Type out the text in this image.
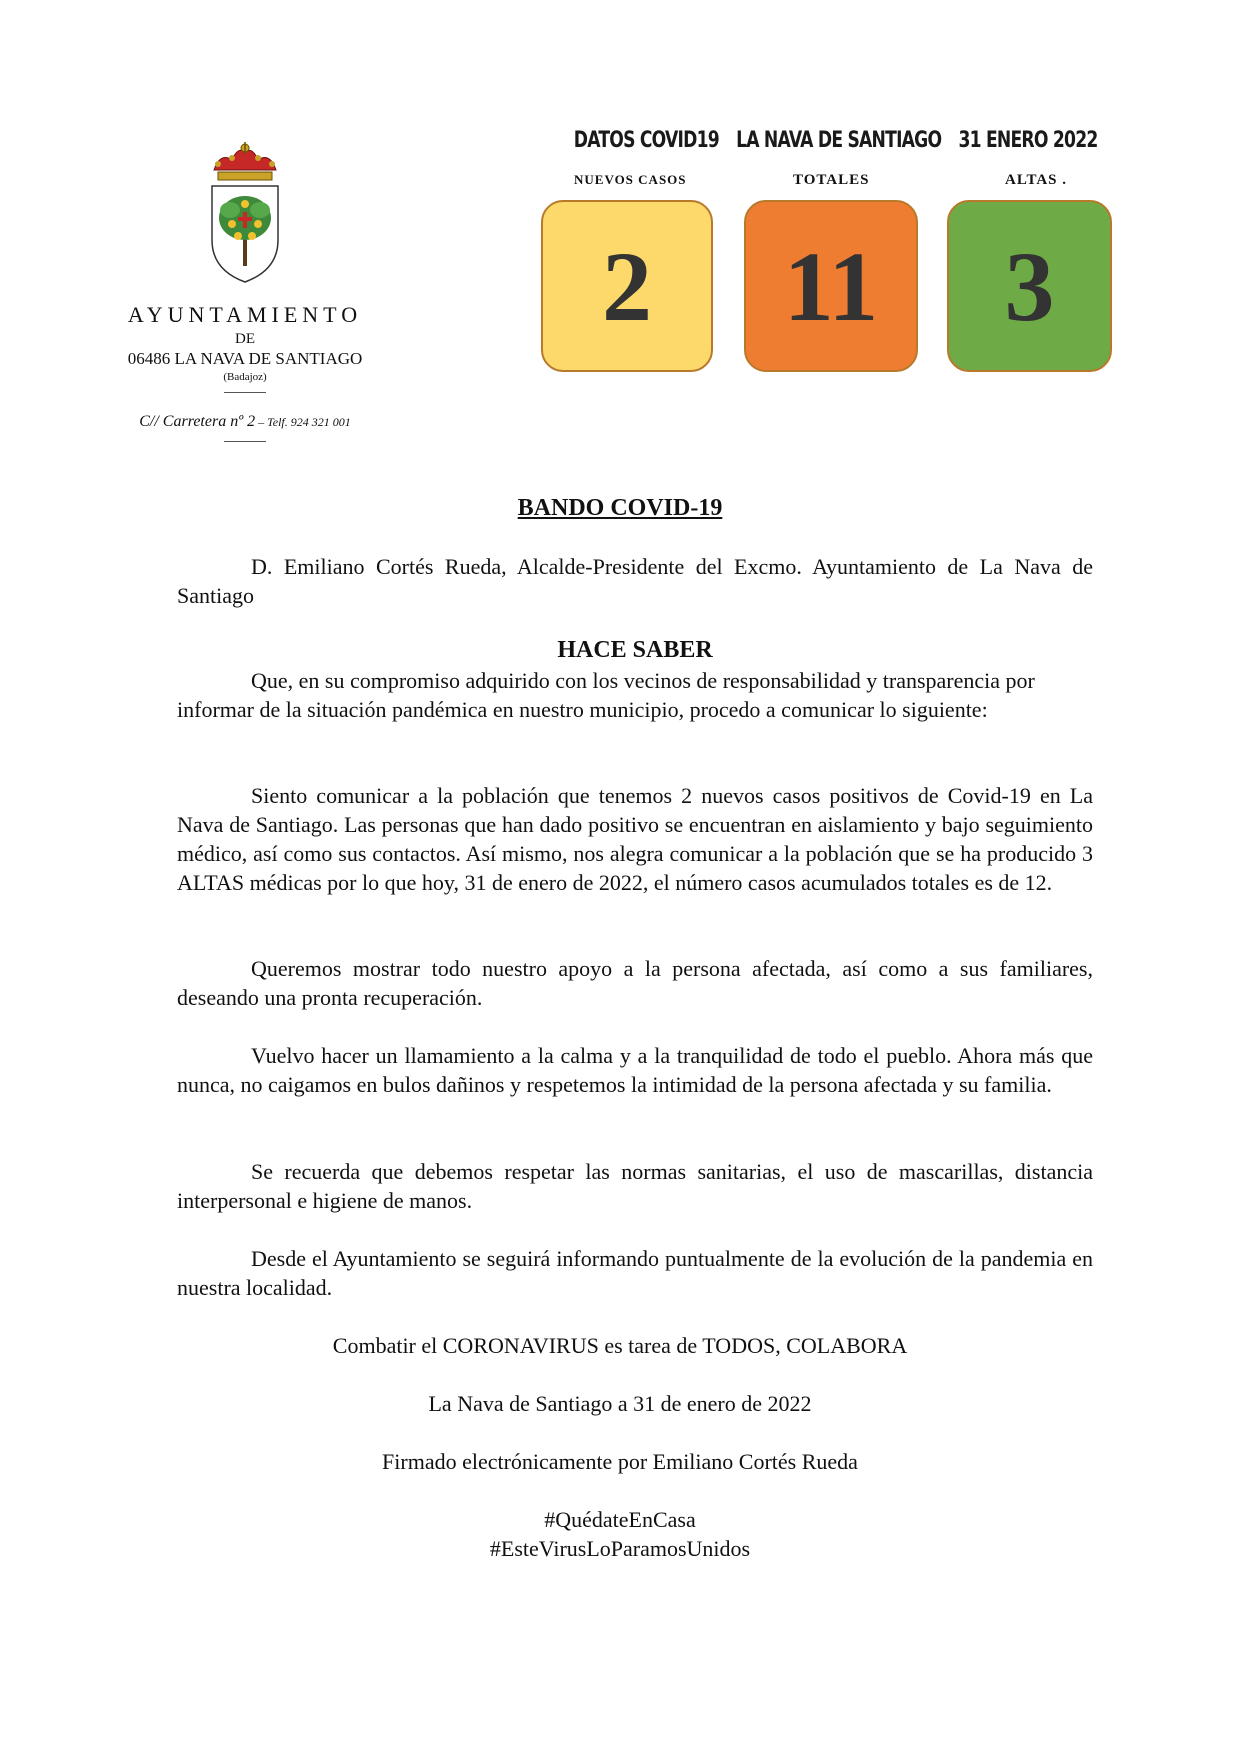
AYUNTAMIENTO
DE
06486 LA NAVA DE SANTIAGO
(Badajoz)
C// Carretera nº 2 – Telf. 924 321 001
DATOS COVID19 LA NAVA DE SANTIAGO 31 ENERO 2022
NUEVOS CASOS	TOTALES	ALTAS .
2	11	3
BANDO COVID-19
D. Emiliano Cortés Rueda, Alcalde-Presidente del Excmo. Ayuntamiento de La Nava de Santiago
HACE SABER
Que, en su compromiso adquirido con los vecinos de responsabilidad y transparencia por informar de la situación pandémica en nuestro municipio, procedo a comunicar lo siguiente:
Siento comunicar a la población que tenemos 2 nuevos casos positivos de Covid-19 en La Nava de Santiago. Las personas que han dado positivo se encuentran en aislamiento y bajo seguimiento médico, así como sus contactos. Así mismo, nos alegra comunicar a la población que se ha producido 3 ALTAS médicas por lo que hoy, 31 de enero de 2022, el número casos acumulados totales es de 12.
Queremos mostrar todo nuestro apoyo a la persona afectada, así como a sus familiares, deseando una pronta recuperación.
Vuelvo hacer un llamamiento a la calma y a la tranquilidad de todo el pueblo. Ahora más que nunca, no caigamos en bulos dañinos y respetemos la intimidad de la persona afectada y su familia.
Se recuerda que debemos respetar las normas sanitarias, el uso de mascarillas, distancia interpersonal e higiene de manos.
Desde el Ayuntamiento se seguirá informando puntualmente de la evolución de la pandemia en nuestra localidad.
Combatir el CORONAVIRUS es tarea de TODOS, COLABORA
La Nava de Santiago a 31 de enero de 2022
Firmado electrónicamente por Emiliano Cortés Rueda
#QuédateEnCasa
#EsteVirusLoParamosUnidos
